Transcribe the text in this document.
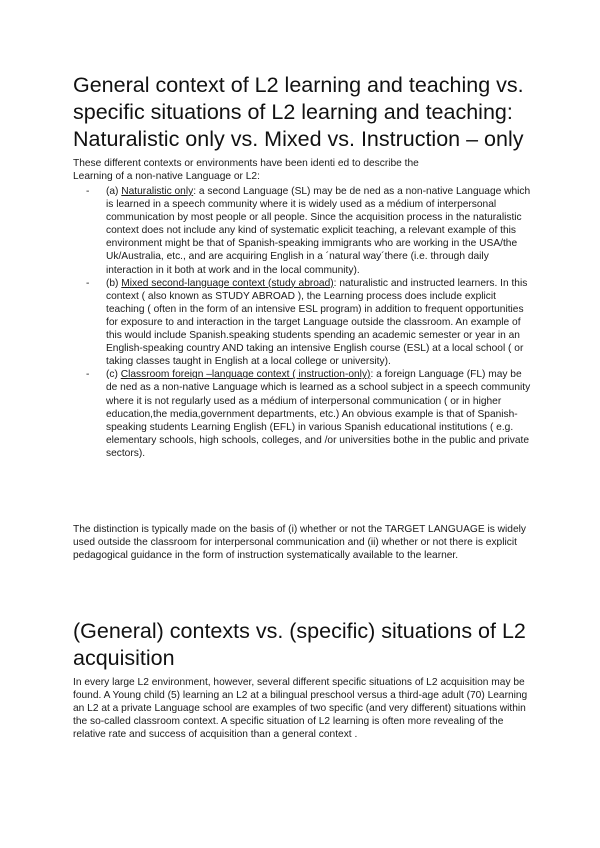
General context of L2 learning and teaching vs. specific situations of L2 learning and teaching: Naturalistic only vs. Mixed vs. Instruction – only
These different contexts or environments have been identi ed to describe the
Learning of a non-native Language or L2:
- (a) Naturalistic only: a second Language (SL) may be de ned as a non-native Language which is learned in a speech community where it is widely used as a médium of interpersonal communication by most people or all people. Since the acquisition process in the naturalistic context does not include any kind of systematic explicit teaching, a relevant example of this environment might be that of Spanish-speaking immigrants who are working in the USA/the Uk/Australia, etc., and are acquiring English in a ´natural way´there (i.e. through daily interaction in it both at work and in the local community).
- (b) Mixed second-language context (study abroad): naturalistic and instructed learners. In this context ( also known as STUDY ABROAD ), the Learning process does include explicit teaching ( often in the form of an intensive ESL program) in addition to frequent opportunities for exposure to and interaction in the target Language outside the classroom. An example of this would include Spanish.speaking students spending an academic semester or year in an English-speaking country AND taking an intensive English course (ESL) at a local school ( or taking classes taught in English at a local college or university).
- (c) Classroom foreign –language context ( instruction-only): a foreign Language (FL) may be de ned as a non-native Language which is learned as a school subject in a speech community where it is not regularly used as a médium of interpersonal communication ( or in higher education,the media,government departments, etc.) An obvious example is that of Spanish-speaking students Learning English (EFL) in various Spanish educational institutions ( e.g. elementary schools, high schools, colleges, and /or universities bothe in the public and private sectors).
The distinction is typically made on the basis of (i) whether or not the TARGET LANGUAGE is widely used outside the classroom for interpersonal communication and (ii) whether or not there is explicit pedagogical guidance in the form of instruction systematically available to the learner.
(General) contexts vs. (specific) situations of L2 acquisition
In every large L2 environment, however, several different specific situations of L2 acquisition may be found. A Young child (5) learning an L2 at a bilingual preschool versus a third-age adult (70) Learning an L2 at a private Language school are examples of two specific (and very different) situations within the so-called classroom context. A specific situation of L2 learning is often more revealing of the relative rate and success of acquisition than a general context .
